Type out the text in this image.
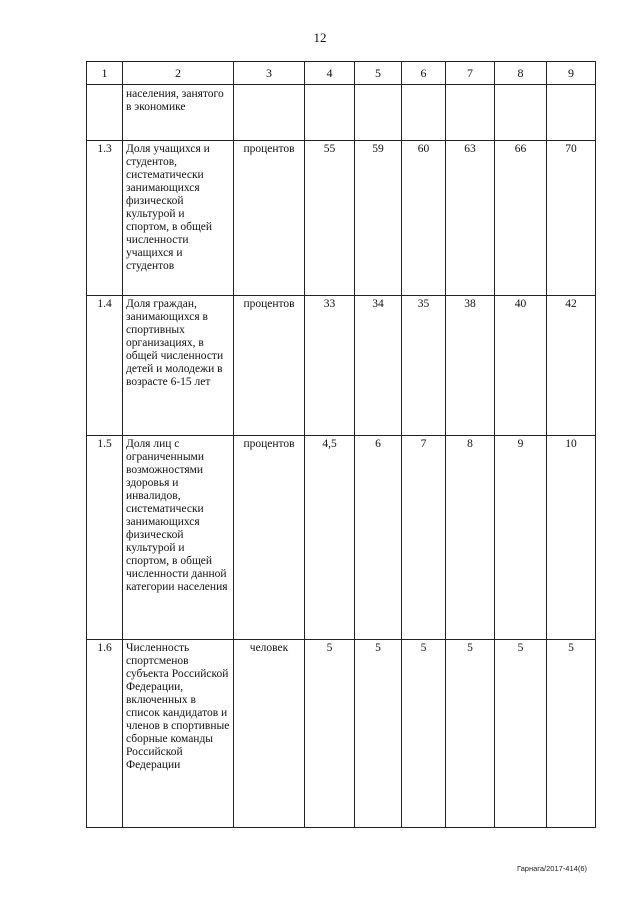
12
1	2	3	4	5	6	7	8	9
	населения, занятого в экономике							
1.3	Доля учащихся и студентов, систематически занимающихся физической культурой и спортом, в общей численности учащихся и студентов	процентов	55	59	60	63	66	70
1.4	Доля граждан, занимающихся в спортивных организациях, в общей численности детей и молодежи в возрасте 6-15 лет	процентов	33	34	35	38	40	42
1.5	Доля лиц с ограниченными возможностями здоровья и инвалидов, систематически занимающихся физической культурой и спортом, в общей численности данной категории населения	процентов	4,5	6	7	8	9	10
1.6	Численность спортсменов субъекта Российской Федерации, включенных в список кандидатов и членов в спортивные сборные команды Российской Федерации	человек	5	5	5	5	5	5
Гарнага/2017-414(6)
